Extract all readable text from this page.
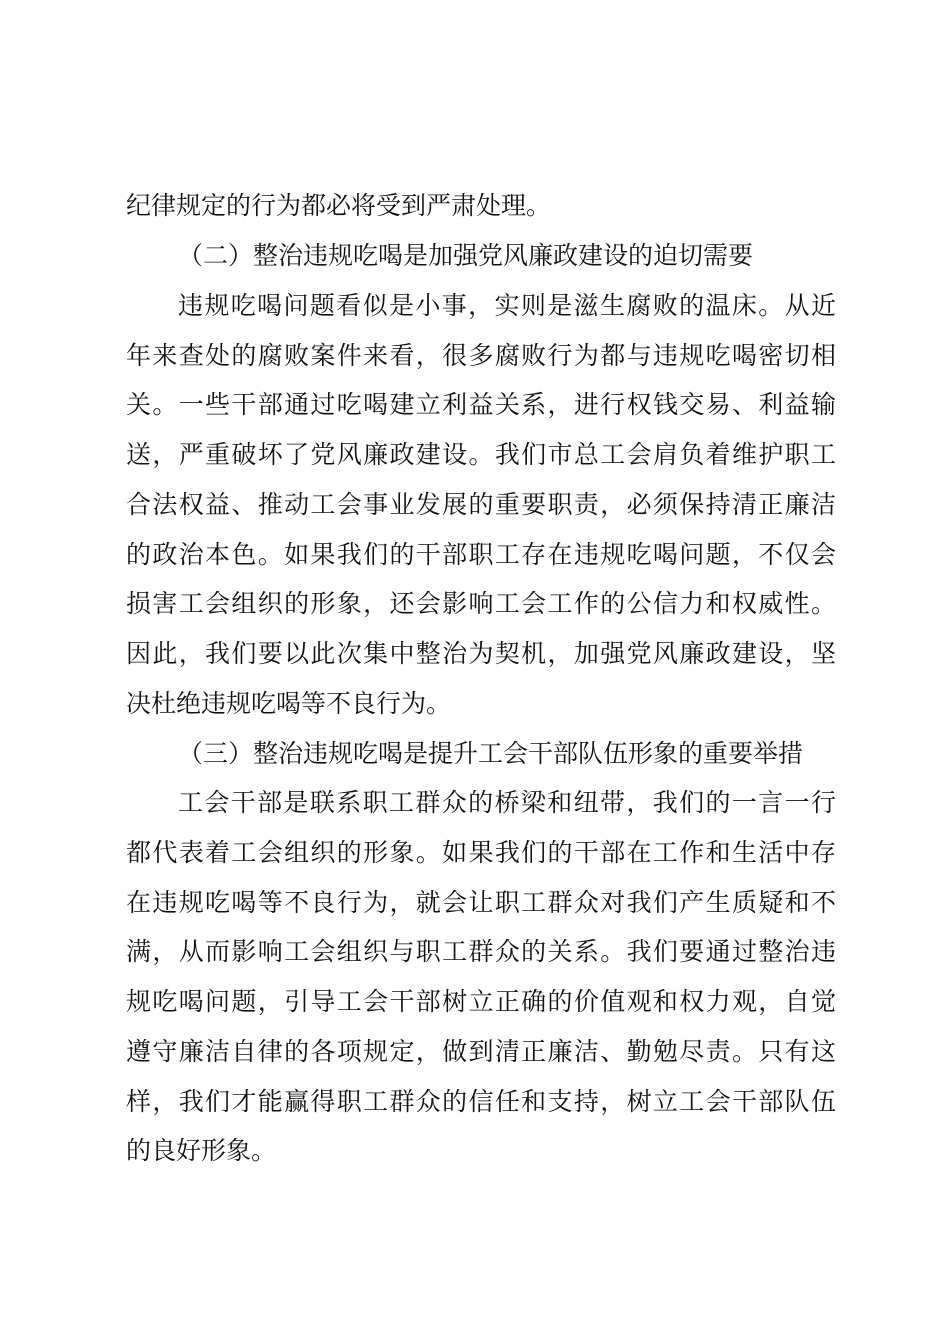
纪律规定的行为都必将受到严肃处理。
（二）整治违规吃喝是加强党风廉政建设的迫切需要
违规吃喝问题看似是小事，实则是滋生腐败的温床。从近
年来查处的腐败案件来看，很多腐败行为都与违规吃喝密切相
关。一些干部通过吃喝建立利益关系，进行权钱交易、利益输
送，严重破坏了党风廉政建设。我们市总工会肩负着维护职工
合法权益、推动工会事业发展的重要职责，必须保持清正廉洁
的政治本色。如果我们的干部职工存在违规吃喝问题，不仅会
损害工会组织的形象，还会影响工会工作的公信力和权威性。
因此，我们要以此次集中整治为契机，加强党风廉政建设，坚
决杜绝违规吃喝等不良行为。
（三）整治违规吃喝是提升工会干部队伍形象的重要举措
工会干部是联系职工群众的桥梁和纽带，我们的一言一行
都代表着工会组织的形象。如果我们的干部在工作和生活中存
在违规吃喝等不良行为，就会让职工群众对我们产生质疑和不
满，从而影响工会组织与职工群众的关系。我们要通过整治违
规吃喝问题，引导工会干部树立正确的价值观和权力观，自觉
遵守廉洁自律的各项规定，做到清正廉洁、勤勉尽责。只有这
样，我们才能赢得职工群众的信任和支持，树立工会干部队伍
的良好形象。
